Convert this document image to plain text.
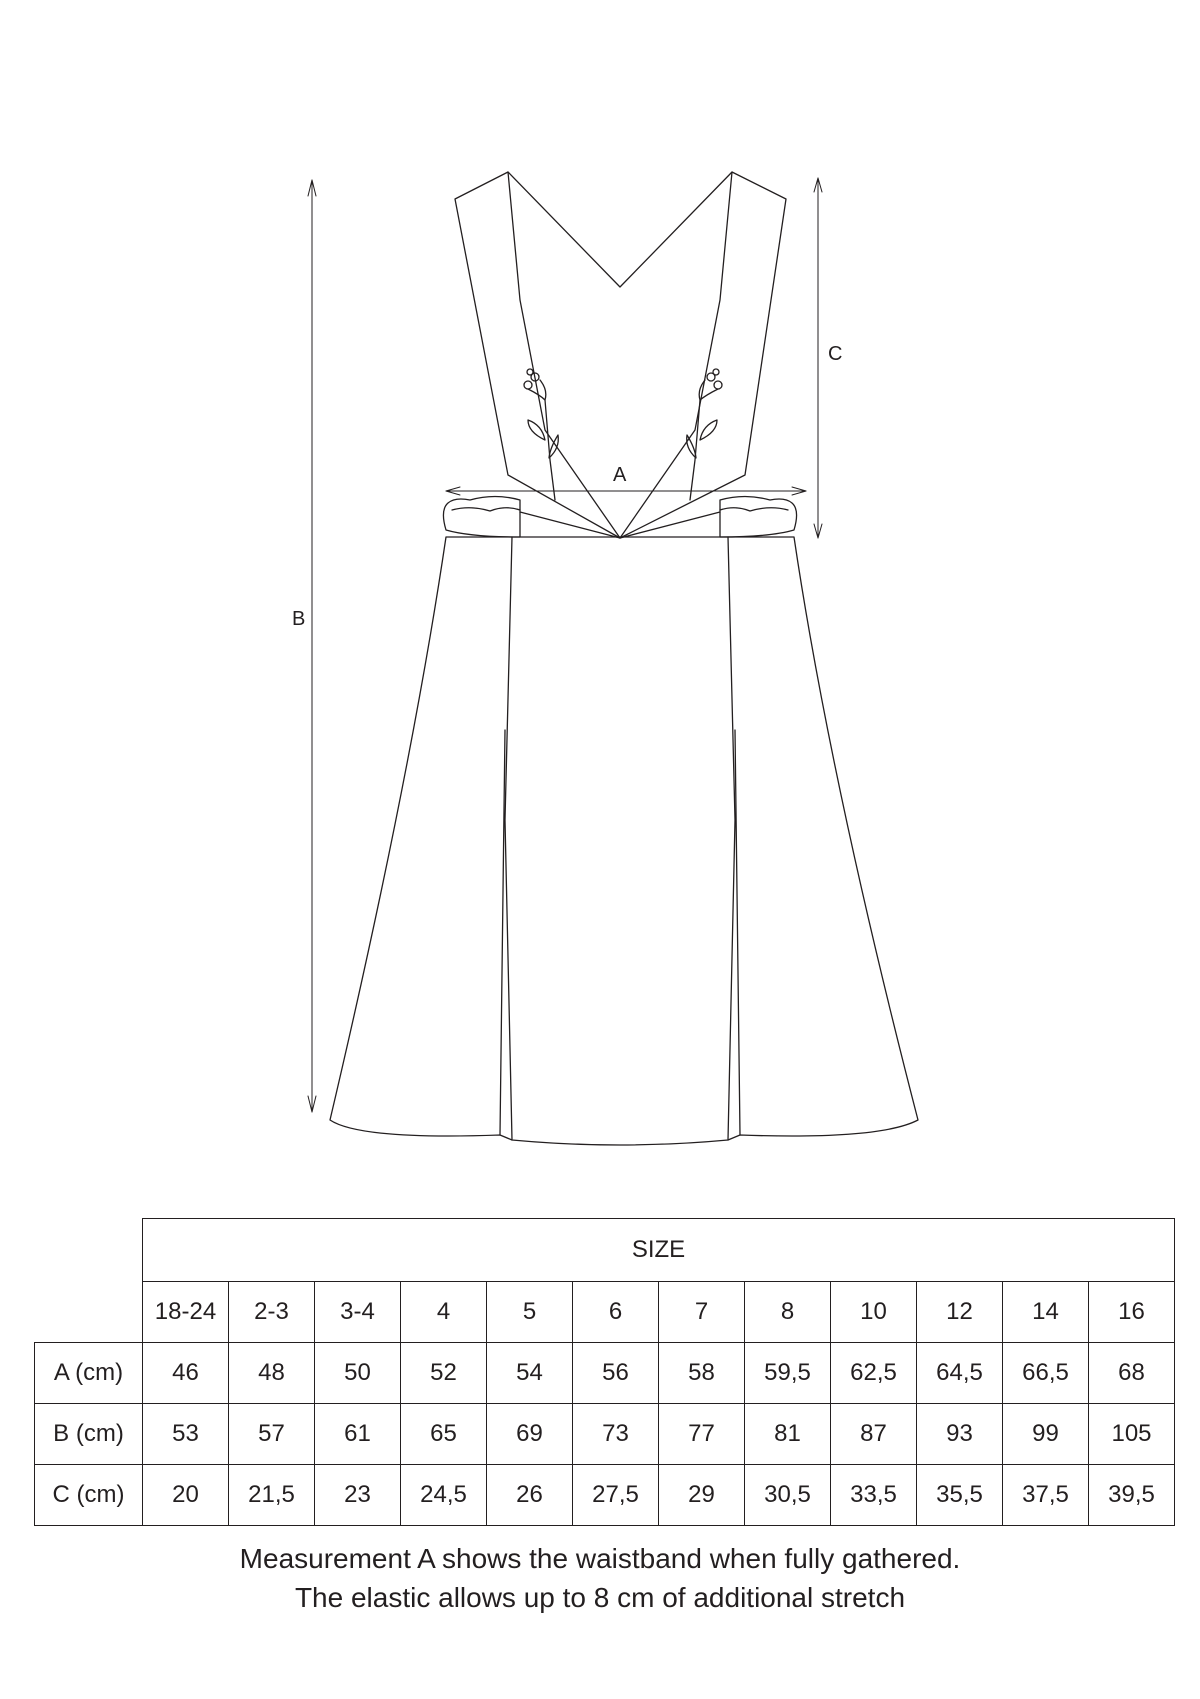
A
B
C
	SIZE											
	18-24	2-3	3-4	4	5	6	7	8	10	12	14	16
A (cm)	46	48	50	52	54	56	58	59,5	62,5	64,5	66,5	68
B (cm)	53	57	61	65	69	73	77	81	87	93	99	105
C (cm)	20	21,5	23	24,5	26	27,5	29	30,5	33,5	35,5	37,5	39,5
Measurement A shows the waistband when fully gathered.
The elastic allows up to 8 cm of additional stretch
